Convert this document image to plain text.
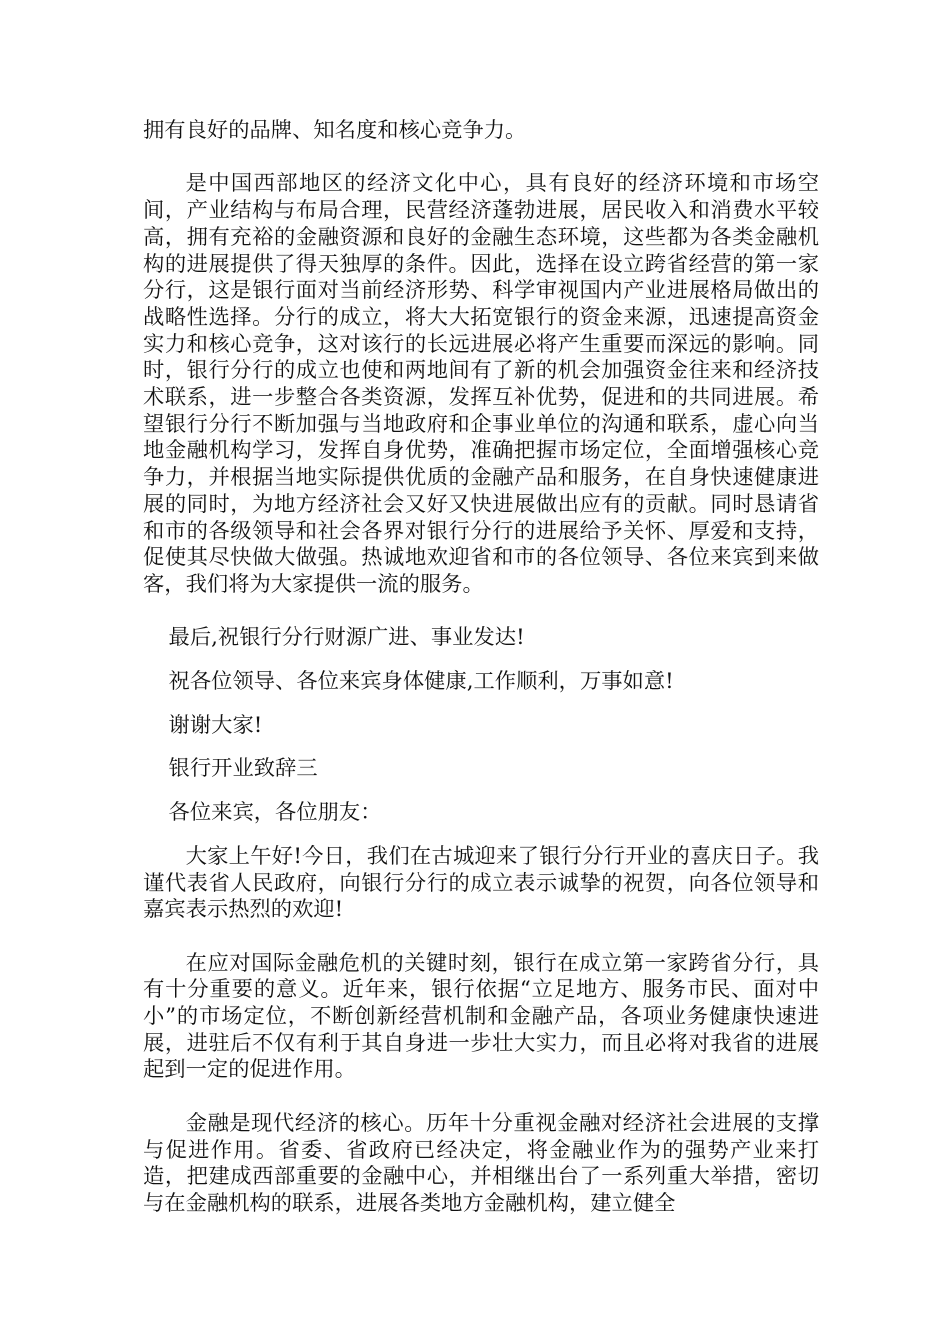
拥有良好的品牌、知名度和核心竞争力。

是中国西部地区的经济文化中心，具有良好的经济环境和市场空间，产业结构与布局合理，民营经济蓬勃进展，居民收入和消费水平较高，拥有充裕的金融资源和良好的金融生态环境，这些都为各类金融机构的进展提供了得天独厚的条件。因此，选择在设立跨省经营的第一家分行，这是银行面对当前经济形势、科学审视国内产业进展格局做出的战略性选择。分行的成立，将大大拓宽银行的资金来源，迅速提高资金实力和核心竞争，这对该行的长远进展必将产生重要而深远的影响。同时，银行分行的成立也使和两地间有了新的机会加强资金往来和经济技术联系，进一步整合各类资源，发挥互补优势，促进和的共同进展。希望银行分行不断加强与当地政府和企事业单位的沟通和联系，虚心向当地金融机构学习，发挥自身优势，准确把握市场定位，全面增强核心竞争力，并根据当地实际提供优质的金融产品和服务，在自身快速健康进展的同时，为地方经济社会又好又快进展做出应有的贡献。同时恳请省和市的各级领导和社会各界对银行分行的进展给予关怀、厚爱和支持，促使其尽快做大做强。热诚地欢迎省和市的各位领导、各位来宾到来做客，我们将为大家提供一流的服务。

最后,祝银行分行财源广进、事业发达!

祝各位领导、各位来宾身体健康,工作顺利，万事如意!

谢谢大家!

银行开业致辞三

各位来宾，各位朋友：

大家上午好!今日，我们在古城迎来了银行分行开业的喜庆日子。我谨代表省人民政府，向银行分行的成立表示诚挚的祝贺，向各位领导和嘉宾表示热烈的欢迎!

在应对国际金融危机的关键时刻，银行在成立第一家跨省分行，具有十分重要的意义。近年来，银行依据“立足地方、服务市民、面对中小”的市场定位，不断创新经营机制和金融产品，各项业务健康快速进展，进驻后不仅有利于其自身进一步壮大实力，而且必将对我省的进展起到一定的促进作用。

金融是现代经济的核心。历年十分重视金融对经济社会进展的支撑与促进作用。省委、省政府已经决定，将金融业作为的强势产业来打造，把建成西部重要的金融中心，并相继出台了一系列重大举措，密切与在金融机构的联系，进展各类地方金融机构，建立健全
